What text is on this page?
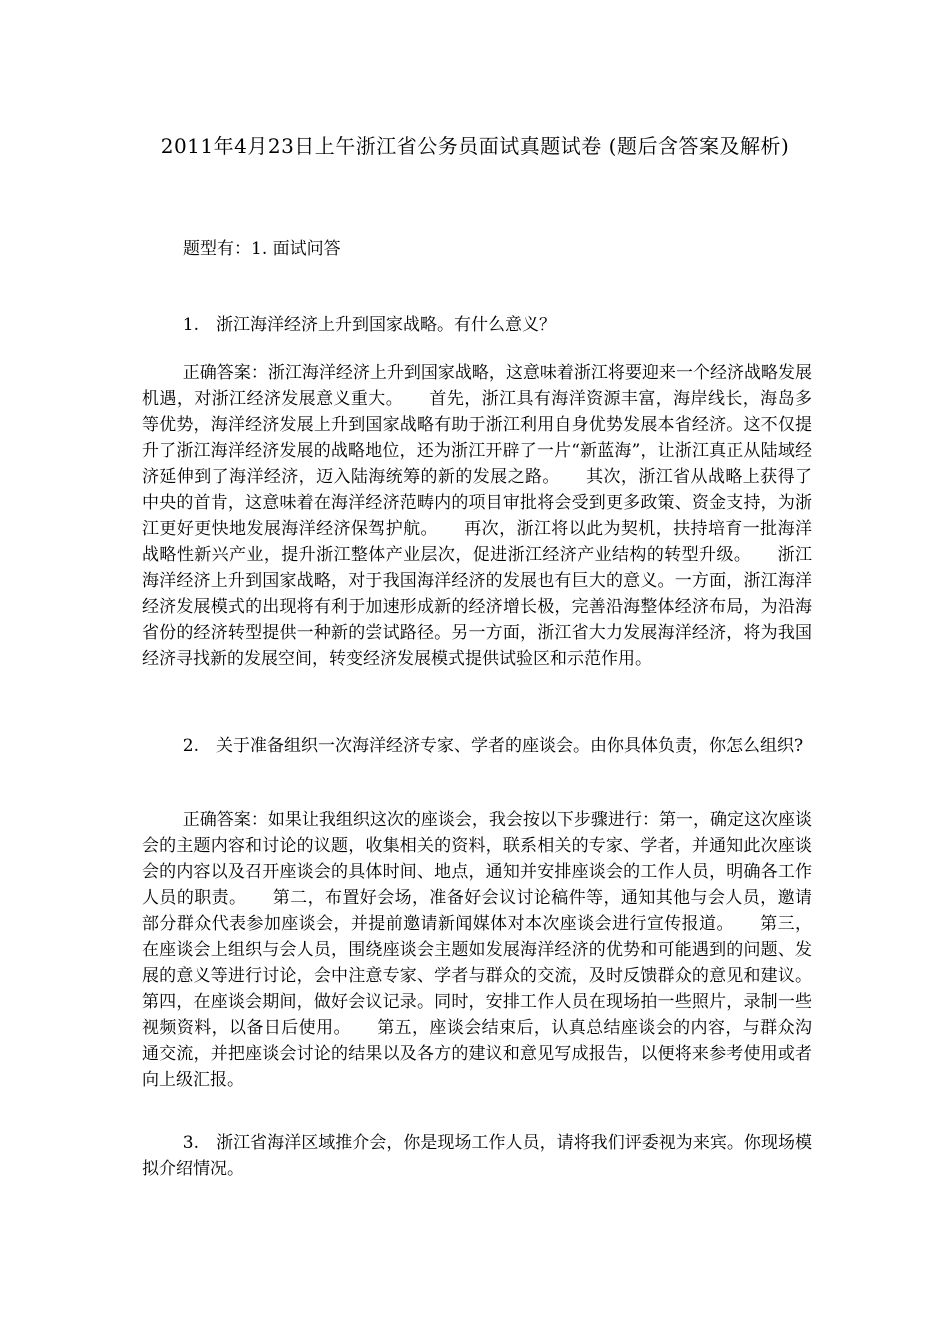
2011年4月23日上午浙江省公务员面试真题试卷 (题后含答案及解析)
题型有：1. 面试问答

1.　浙江海洋经济上升到国家战略。有什么意义？

正确答案：浙江海洋经济上升到国家战略，这意味着浙江将要迎来一个经济战略发展机遇，对浙江经济发展意义重大。　　首先，浙江具有海洋资源丰富，海岸线长，海岛多等优势，海洋经济发展上升到国家战略有助于浙江利用自身优势发展本省经济。这不仅提升了浙江海洋经济发展的战略地位，还为浙江开辟了一片“新蓝海”，让浙江真正从陆域经济延伸到了海洋经济，迈入陆海统筹的新的发展之路。　　其次，浙江省从战略上获得了中央的首肯，这意味着在海洋经济范畴内的项目审批将会受到更多政策、资金支持，为浙江更好更快地发展海洋经济保驾护航。　　再次，浙江将以此为契机，扶持培育一批海洋战略性新兴产业，提升浙江整体产业层次，促进浙江经济产业结构的转型升级。　　浙江海洋经济上升到国家战略，对于我国海洋经济的发展也有巨大的意义。一方面，浙江海洋经济发展模式的出现将有利于加速形成新的经济增长极，完善沿海整体经济布局，为沿海省份的经济转型提供一种新的尝试路径。另一方面，浙江省大力发展海洋经济，将为我国经济寻找新的发展空间，转变经济发展模式提供试验区和示范作用。

2.　关于准备组织一次海洋经济专家、学者的座谈会。由你具体负责，你怎么组织?

正确答案：如果让我组织这次的座谈会，我会按以下步骤进行：第一，确定这次座谈会的主题内容和讨论的议题，收集相关的资料，联系相关的专家、学者，并通知此次座谈会的内容以及召开座谈会的具体时间、地点，通知并安排座谈会的工作人员，明确各工作人员的职责。　　第二，布置好会场，准备好会议讨论稿件等，通知其他与会人员，邀请部分群众代表参加座谈会，并提前邀请新闻媒体对本次座谈会进行宣传报道。　　第三，在座谈会上组织与会人员，围绕座谈会主题如发展海洋经济的优势和可能遇到的问题、发展的意义等进行讨论，会中注意专家、学者与群众的交流，及时反馈群众的意见和建议。第四，在座谈会期间，做好会议记录。同时，安排工作人员在现场拍一些照片，录制一些视频资料，以备日后使用。　　第五，座谈会结束后，认真总结座谈会的内容，与群众沟通交流，并把座谈会讨论的结果以及各方的建议和意见写成报告，以便将来参考使用或者向上级汇报。

3.　浙江省海洋区域推介会，你是现场工作人员，请将我们评委视为来宾。你现场模拟介绍情况。
